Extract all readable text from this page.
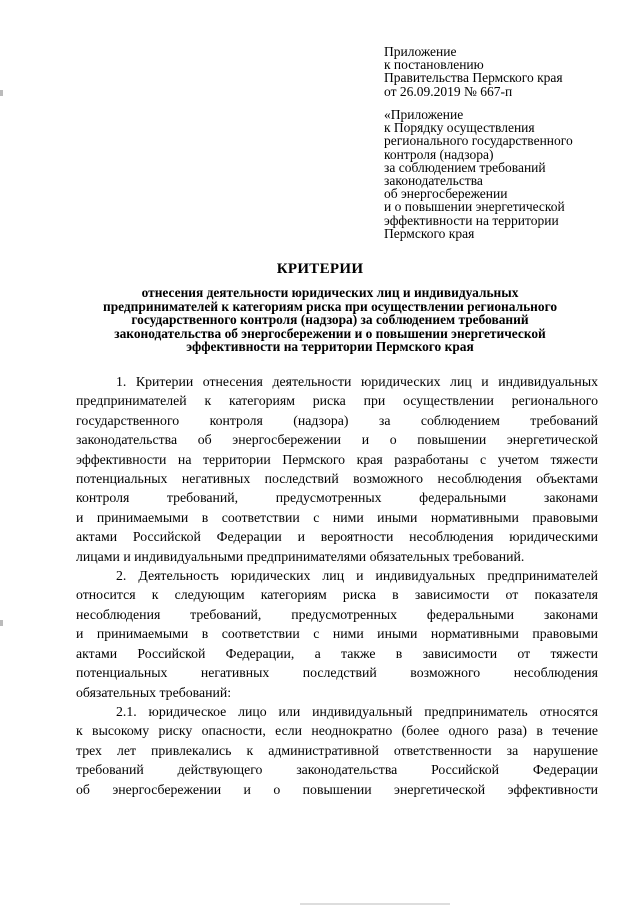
Приложение
к постановлению
Правительства Пермского края
от 26.09.2019 № 667-п
«Приложение
к Порядку осуществления
регионального государственного
контроля (надзора)
за соблюдением требований
законодательства
об энергосбережении
и о повышении энергетической
эффективности на территории
Пермского края
КРИТЕРИИ
отнесения деятельности юридических лиц и индивидуальных
предпринимателей к категориям риска при осуществлении регионального
государственного контроля (надзора) за соблюдением требований
законодательства об энергосбережении и о повышении энергетической
эффективности на территории Пермского края
1. Критерии отнесения деятельности юридических лиц и индивидуальных
предпринимателей к категориям риска при осуществлении регионального
государственного контроля (надзора) за соблюдением требований
законодательства об энергосбережении и о повышении энергетической
эффективности на территории Пермского края разработаны с учетом тяжести
потенциальных негативных последствий возможного несоблюдения объектами
контроля требований, предусмотренных федеральными законами
и принимаемыми в соответствии с ними иными нормативными правовыми
актами Российской Федерации и вероятности несоблюдения юридическими
лицами и индивидуальными предпринимателями обязательных требований.
2. Деятельность юридических лиц и индивидуальных предпринимателей
относится к следующим категориям риска в зависимости от показателя
несоблюдения требований, предусмотренных федеральными законами
и принимаемыми в соответствии с ними иными нормативными правовыми
актами Российской Федерации, а также в зависимости от тяжести
потенциальных негативных последствий возможного несоблюдения
обязательных требований:
2.1. юридическое лицо или индивидуальный предприниматель относятся
к высокому риску опасности, если неоднократно (более одного раза) в течение
трех лет привлекались к административной ответственности за нарушение
требований действующего законодательства Российской Федерации
об энергосбережении и о повышении энергетической эффективности
